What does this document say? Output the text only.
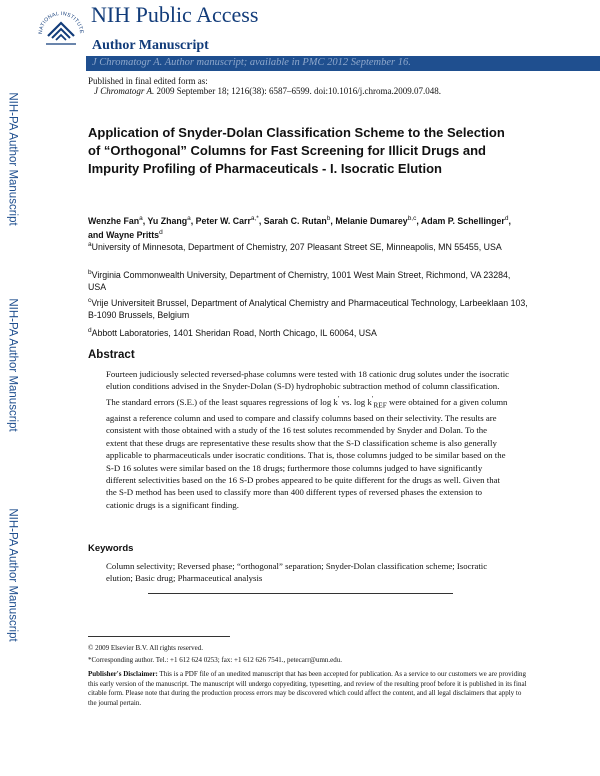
NATIONAL INSTITUTE
NIH Public Access
Author Manuscript
J Chromatogr A. Author manuscript; available in PMC 2012 September 16.
NIH-PA Author Manuscript
NIH-PA Author Manuscript
NIH-PA Author Manuscript
Published in final edited form as:
J Chromatogr A. 2009 September 18; 1216(38): 6587–6599. doi:10.1016/j.chroma.2009.07.048.
Application of Snyder-Dolan Classification Scheme to the Selection of “Orthogonal” Columns for Fast Screening for Illicit Drugs and Impurity Profiling of Pharmaceuticals - I. Isocratic Elution
Wenzhe Fan$^a$, Yu Zhang$^a$, Peter W. Carr$^{a,*}$, Sarah C. Rutan$^b$, Melanie Dumarey$^{b,c}$, Adam P. Schellinger$^d$, and Wayne Pritts$^d$
$^a$University of Minnesota, Department of Chemistry, 207 Pleasant Street SE, Minneapolis, MN 55455, USA
$^b$Virginia Commonwealth University, Department of Chemistry, 1001 West Main Street, Richmond, VA 23284, USA
$^c$Vrije Universiteit Brussel, Department of Analytical Chemistry and Pharmaceutical Technology, Larbeeklaan 103, B-1090 Brussels, Belgium
$^d$Abbott Laboratories, 1401 Sheridan Road, North Chicago, IL 60064, USA
Abstract

Fourteen judiciously selected reversed-phase columns were tested with 18 cationic drug solutes under the isocratic elution conditions advised in the Snyder-Dolan (S-D) hydrophobic subtraction method of column classification. The standard errors (S.E.) of the least squares regressions of log k′ vs. $\log k'_{REF}$ were obtained for a given column against a reference column and used to compare and classify columns based on their selectivity. The results are consistent with those obtained with a study of the 16 test solutes recommended by Snyder and Dolan. To the extent that these drugs are representative these results show that the S-D classification scheme is also generally applicable to pharmaceuticals under isocratic conditions. That is, those columns judged to be similar based on the S-D 16 solutes were similar based on the 18 drugs; furthermore those columns judged to have significantly different selectivities based on the 16 S-D probes appeared to be quite different for the drugs as well. Given that the S-D method has been used to classify more than 400 different types of reversed phases the extension to cationic drugs is a significant finding.

Keywords
Column selectivity; Reversed phase; “orthogonal” separation; Snyder-Dolan classification scheme; Isocratic elution; Basic drug; Pharmaceutical analysis
© 2009 Elsevier B.V. All rights reserved.
*Corresponding author. Tel.: +1 612 624 0253; fax: +1 612 626 7541., petecarr@umn.edu.
Publisher's Disclaimer: This is a PDF file of an unedited manuscript that has been accepted for publication. As a service to our customers we are providing this early version of the manuscript. The manuscript will undergo copyediting, typesetting, and review of the resulting proof before it is published in its final citable form. Please note that during the production process errors may be discovered which could affect the content, and all legal disclaimers that apply to the journal pertain.
